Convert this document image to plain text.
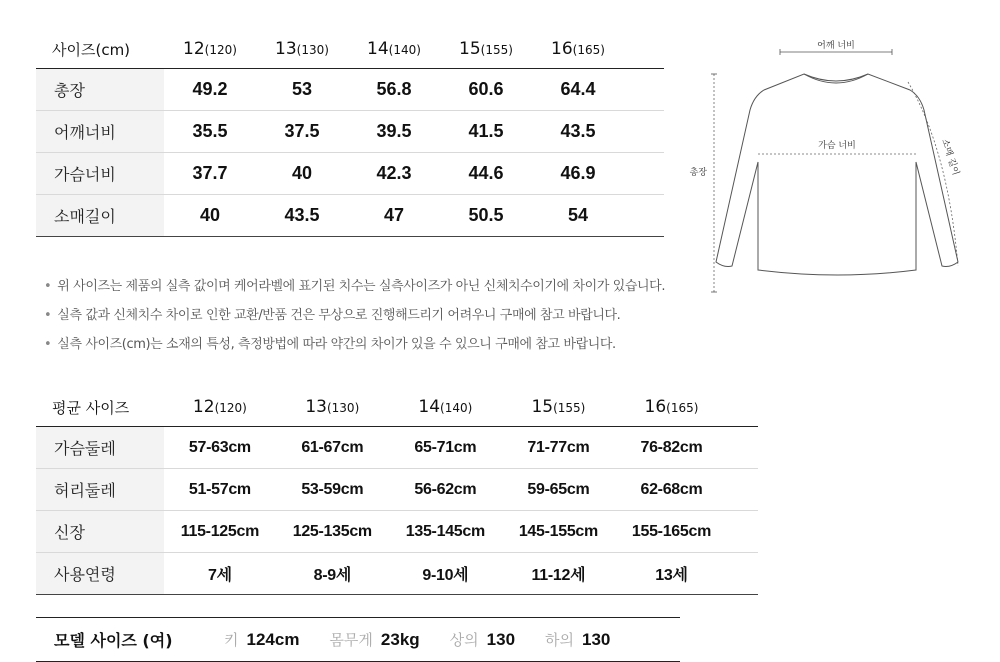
사이즈(cm)	12(120)	13(130)	14(140)	15(155)	16(165)	
총장	49.2	53	56.8	60.6	64.4	
어깨너비	35.5	37.5	39.5	41.5	43.5	
가슴너비	37.7	40	42.3	44.6	46.9	
소매길이	40	43.5	47	50.5	54	
어깨 너비
총장	소매 길이
가슴 너비
• 위 사이즈는 제품의 실측 값이며 케어라벨에 표기된 치수는 실측사이즈가 아닌 신체치수이기에 차이가 있습니다.
• 실측 값과 신체치수 차이로 인한 교환/반품 건은 무상으로 진행해드리기 어려우니 구매에 참고 바랍니다.
• 실측 사이즈(cm)는 소재의 특성, 측정방법에 따라 약간의 차이가 있을 수 있으니 구매에 참고 바랍니다.
평균 사이즈	12(120)	13(130)	14(140)	15(155)	16(165)	
가슴둘레	57-63cm	61-67cm	65-71cm	71-77cm	76-82cm	
허리둘레	51-57cm	53-59cm	56-62cm	59-65cm	62-68cm	
신장	115-125cm	125-135cm	135-145cm	145-155cm	155-165cm	
사용연령	7세	8-9세	9-10세	11-12세	13세	
모델 사이즈 (여)	키 124cm 몸무게 23kg 상의 130 하의 130
